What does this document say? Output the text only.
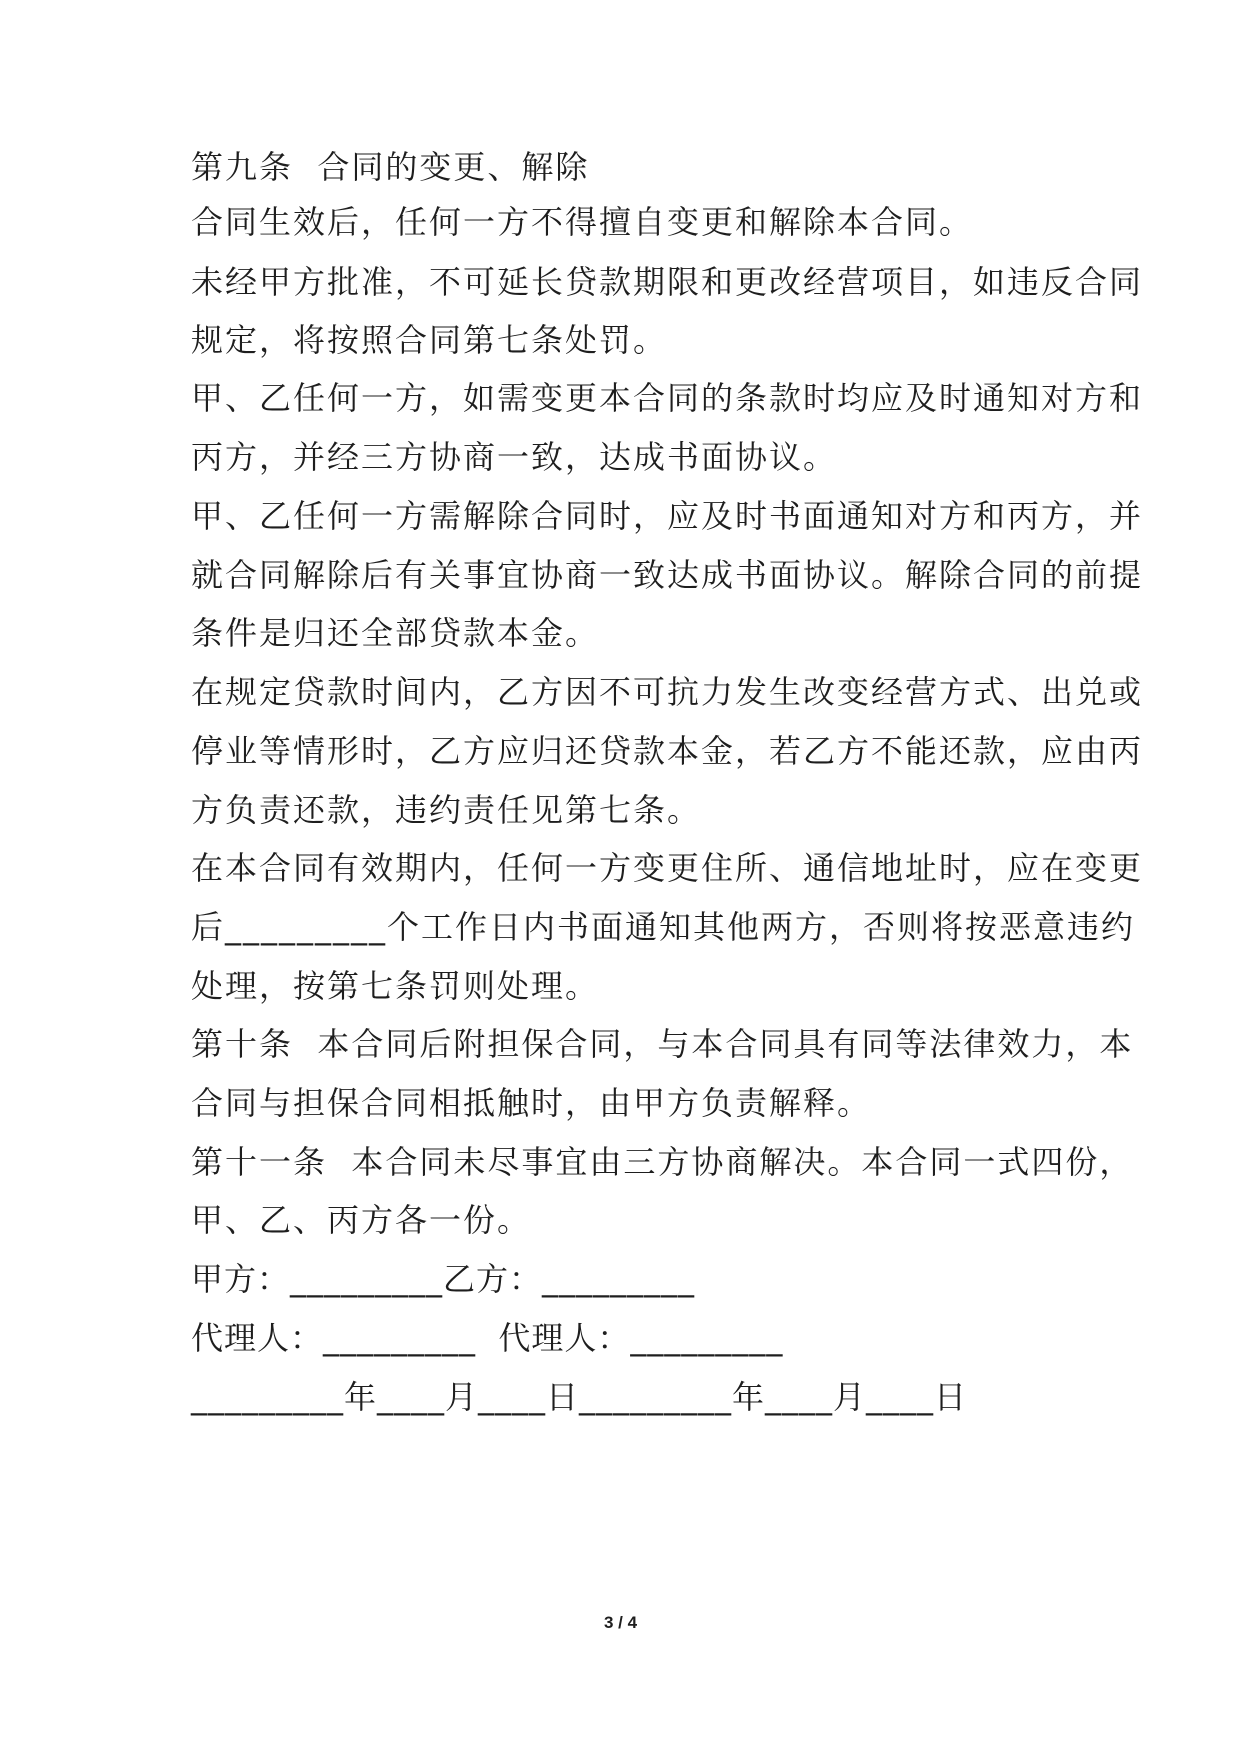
第九条  合同的变更、解除
合同生效后，任何一方不得擅自变更和解除本合同。
未经甲方批准，不可延长贷款期限和更改经营项目，如违反合同
规定，将按照合同第七条处罚。
甲、乙任何一方，如需变更本合同的条款时均应及时通知对方和
丙方，并经三方协商一致，达成书面协议。
甲、乙任何一方需解除合同时，应及时书面通知对方和丙方，并
就合同解除后有关事宜协商一致达成书面协议。解除合同的前提
条件是归还全部贷款本金。
在规定贷款时间内，乙方因不可抗力发生改变经营方式、出兑或
停业等情形时，乙方应归还贷款本金，若乙方不能还款，应由丙
方负责还款，违约责任见第七条。
在本合同有效期内，任何一方变更住所、通信地址时，应在变更
后_________个工作日内书面通知其他两方，否则将按恶意违约
处理，按第七条罚则处理。
第十条  本合同后附担保合同，与本合同具有同等法律效力，本
合同与担保合同相抵触时，由甲方负责解释。
第十一条  本合同未尽事宜由三方协商解决。本合同一式四份，
甲、乙、丙方各一份。
甲方：_________乙方：_________
代理人：_________  代理人：_________
_________年____月____日_________年____月____日
3 / 4
